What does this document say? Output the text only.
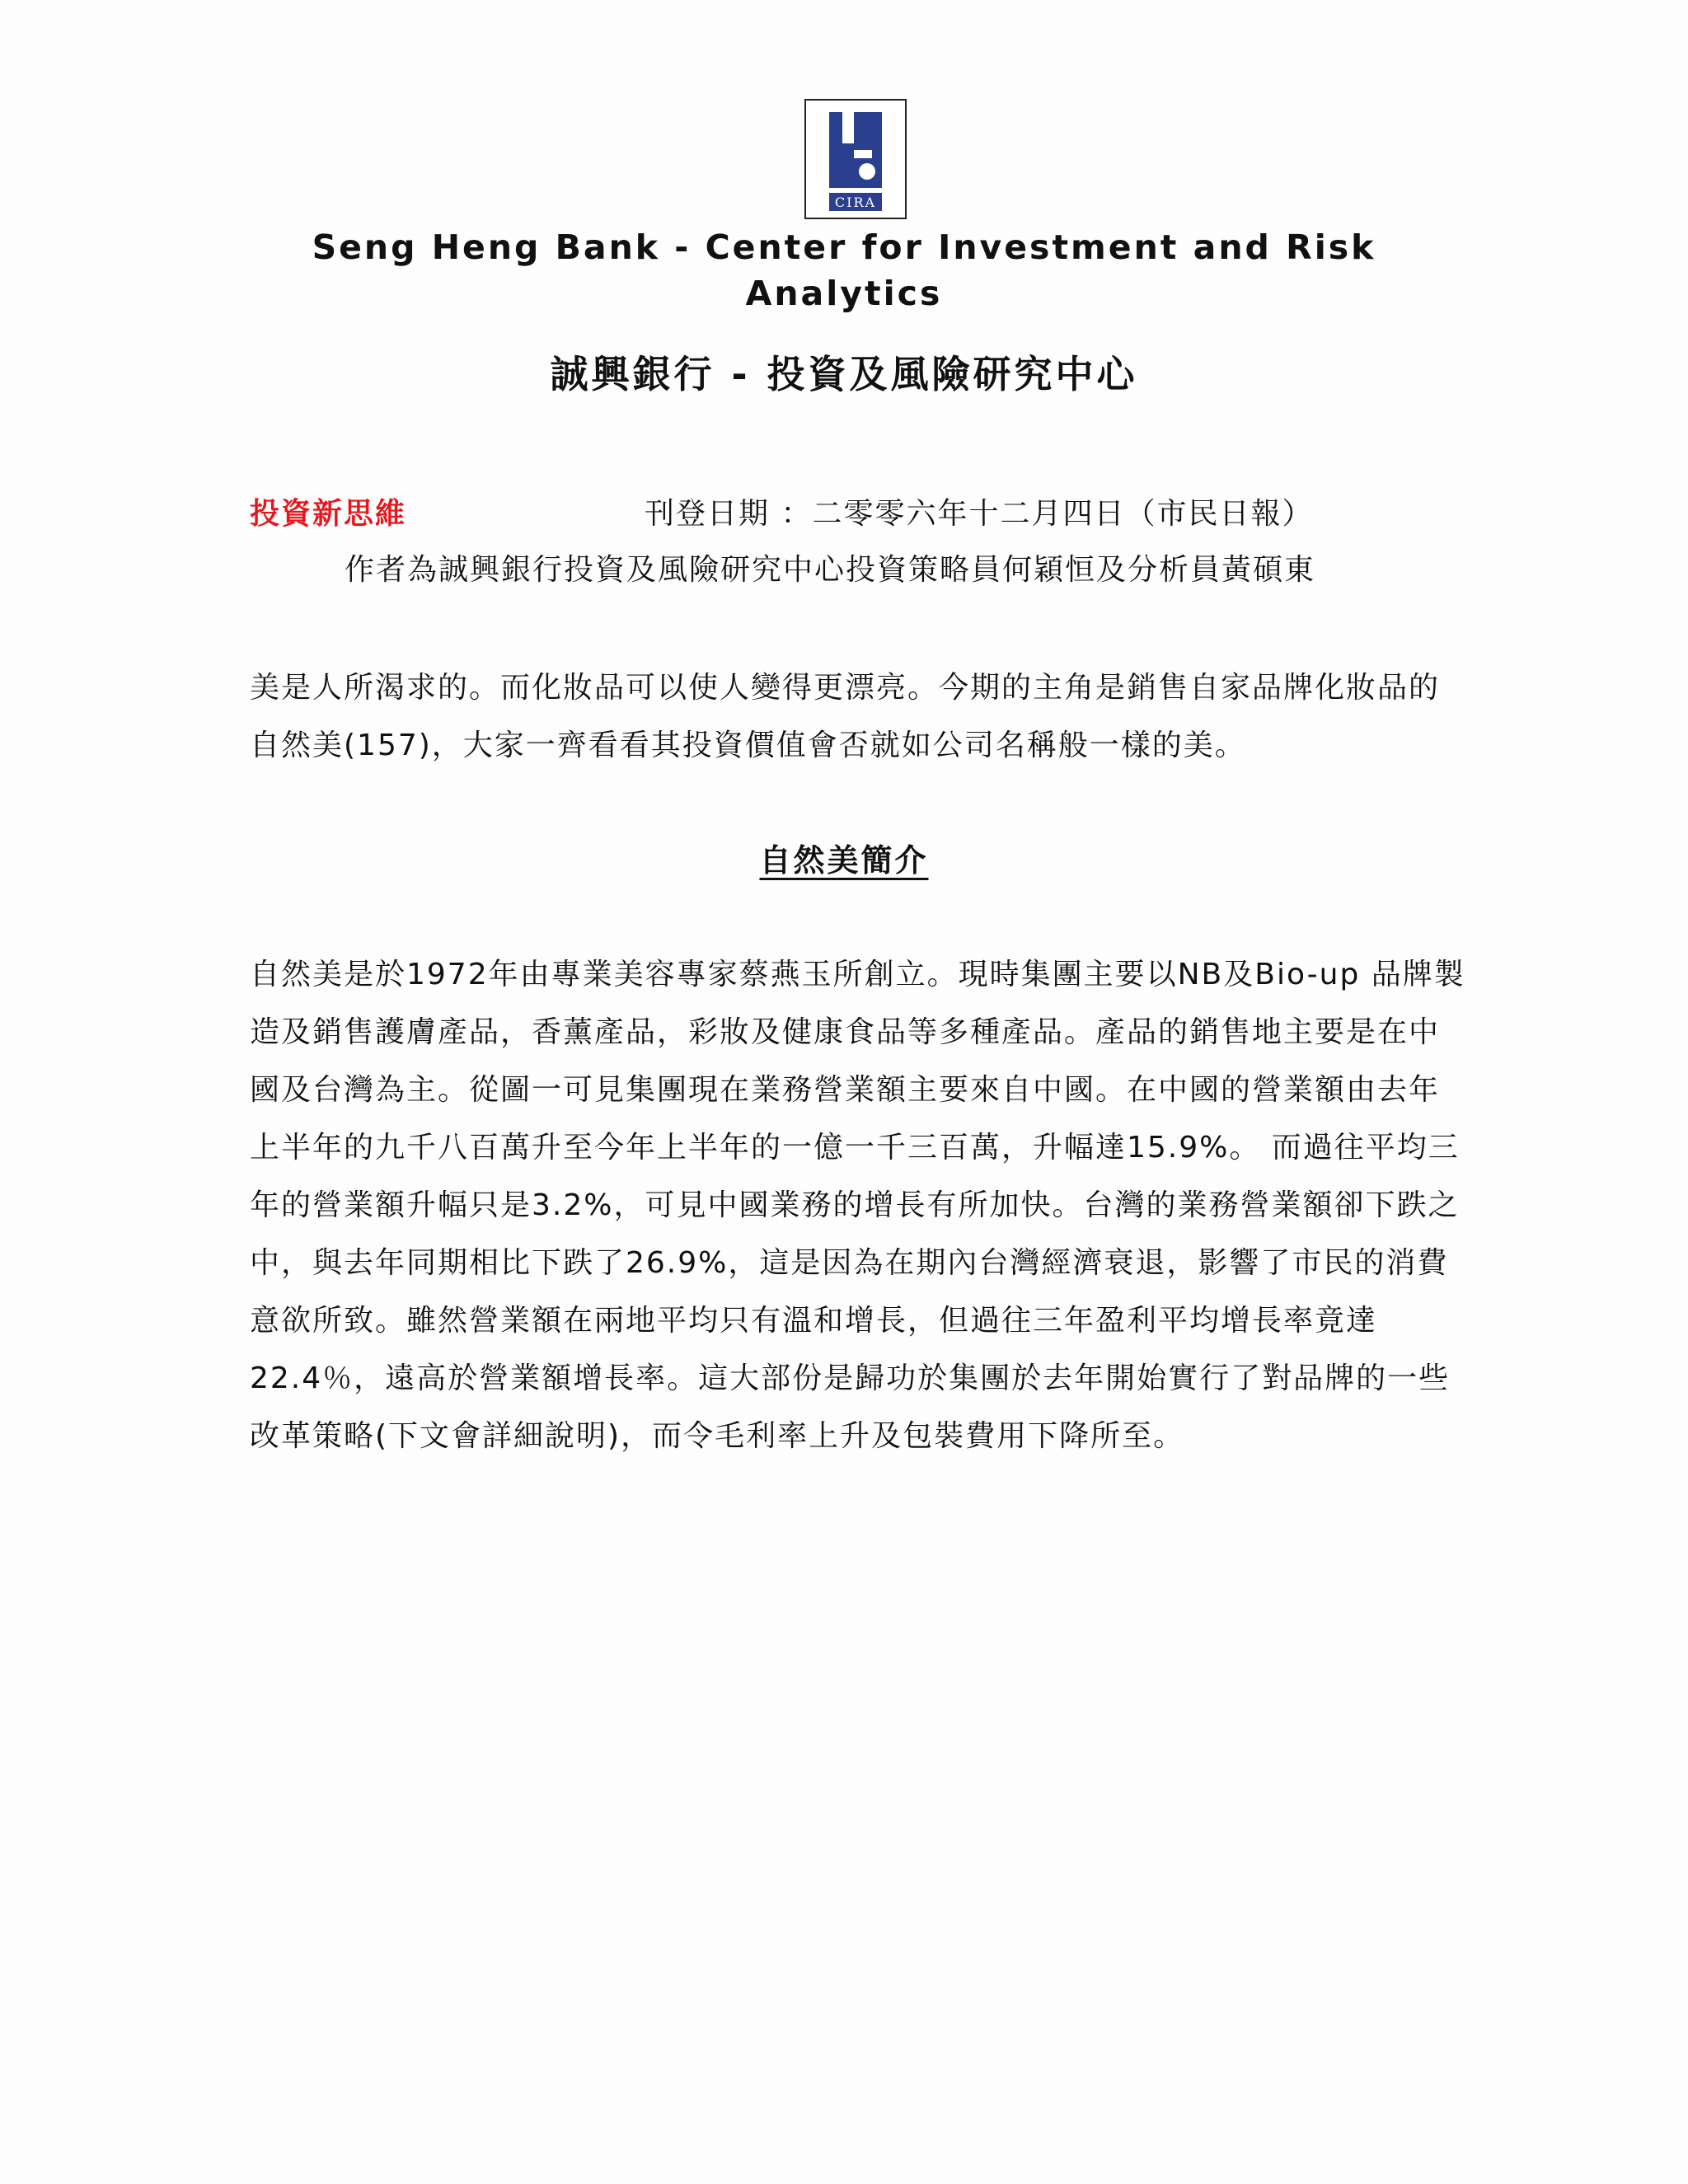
CIRA
Seng Heng Bank - Center for Investment and Risk Analytics
誠興銀行 - 投資及風險研究中心
投資新思維	刊登日期 ：二零零六年十二月四日（市民日報）
作者為誠興銀行投資及風險研究中心投資策略員何穎恒及分析員黃碩東

美是人所渴求的。而化妝品可以使人變得更漂亮。今期的主角是銷售自家品牌化妝品的自然美(157)，大家一齊看看其投資價值會否就如公司名稱般一樣的美。

自然美簡介

自然美是於1972年由專業美容專家蔡燕玉所創立。現時集團主要以NB及Bio-up 品牌製造及銷售護膚產品，香薰產品，彩妝及健康食品等多種產品。產品的銷售地主要是在中國及台灣為主。從圖一可見集團現在業務營業額主要來自中國。在中國的營業額由去年上半年的九千八百萬升至今年上半年的一億一千三百萬，升幅達15.9%。 而過往平均三年的營業額升幅只是3.2%，可見中國業務的增長有所加快。台灣的業務營業額卻下跌之中，與去年同期相比下跌了26.9%，這是因為在期內台灣經濟衰退，影響了市民的消費意欲所致。雖然營業額在兩地平均只有溫和增長，但過往三年盈利平均增長率竟達22.4％，遠高於營業額增長率。這大部份是歸功於集團於去年開始實行了對品牌的一些改革策略(下文會詳細說明)，而令毛利率上升及包裝費用下降所至。
